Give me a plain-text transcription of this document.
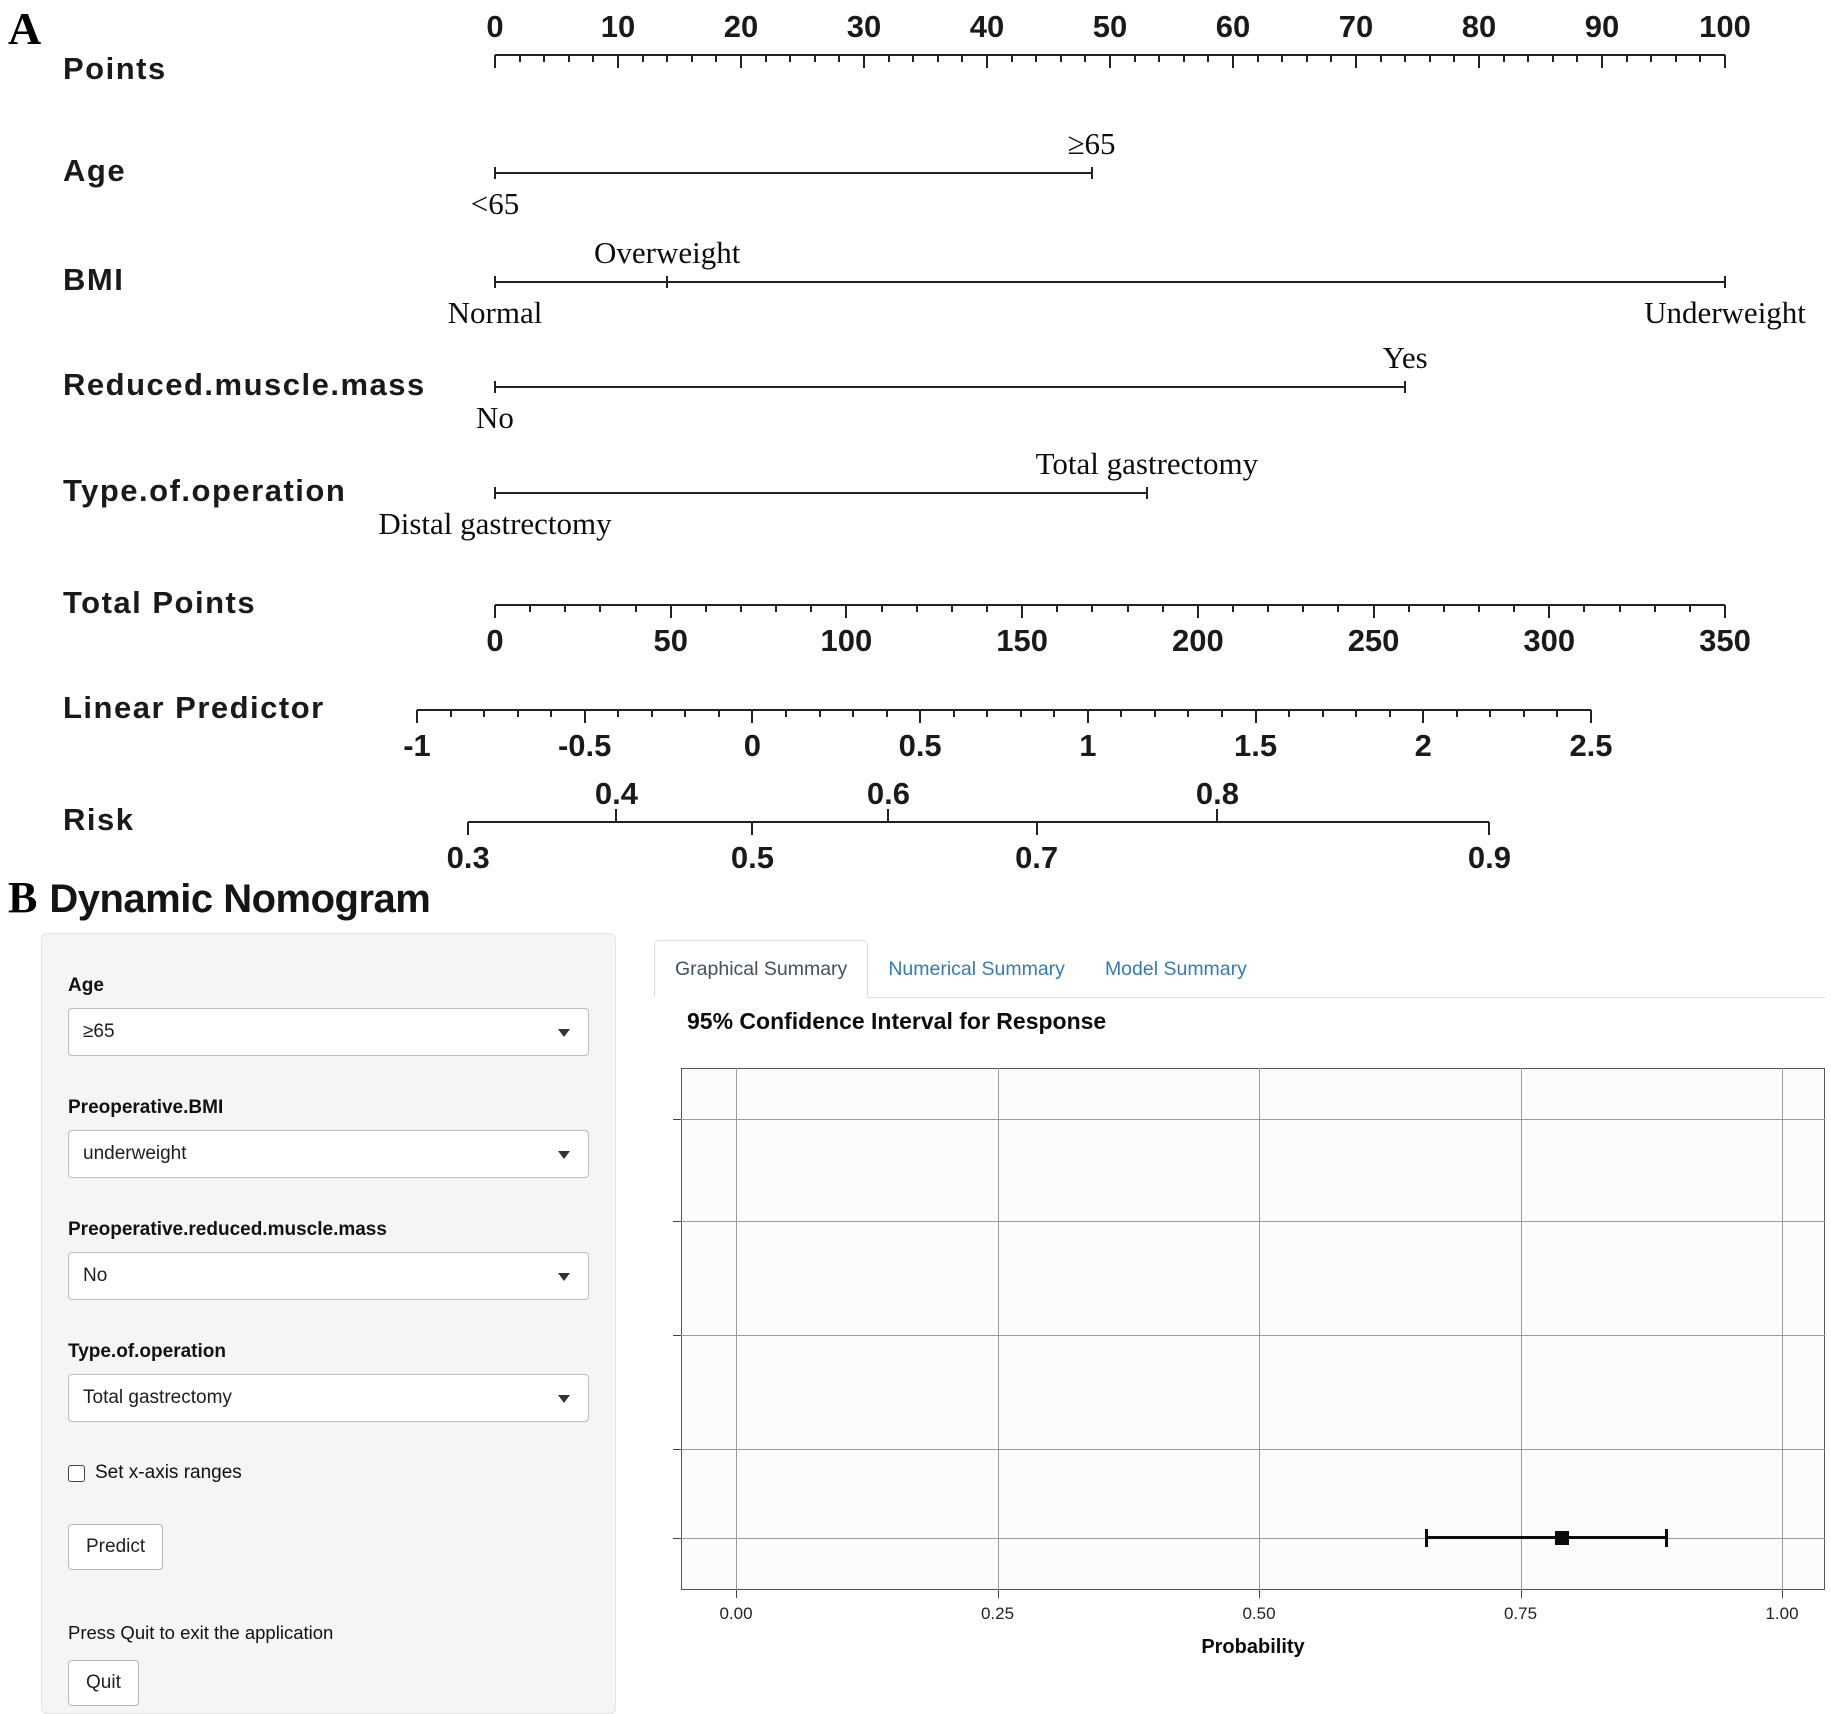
A
Points
0	10	20	30	40	50	60	70	80	90	100
Age
<65
≥65
BMI
Normal
Overweight
Underweight
Reduced.muscle.mass
No
Yes
Type.of.operation
Distal gastrectomy
Total gastrectomy
Total Points
0	50	100	150	200	250	300	350
Linear Predictor
-1	-0.5	0	0.5	1	1.5	2	2.5
Risk
0.3	0.5	0.7	0.9
0.4	0.6	0.8
B Dynamic Nomogram
Age
≥65
Preoperative.BMI
underweight
Preoperative.reduced.muscle.mass
No
Type.of.operation
Total gastrectomy
Set x-axis ranges
Predict
Press Quit to exit the application
Quit
Graphical Summary	Numerical Summary	Model Summary
95% Confidence Interval for Response
0.00	0.25	0.50	0.75	1.00
Probability
